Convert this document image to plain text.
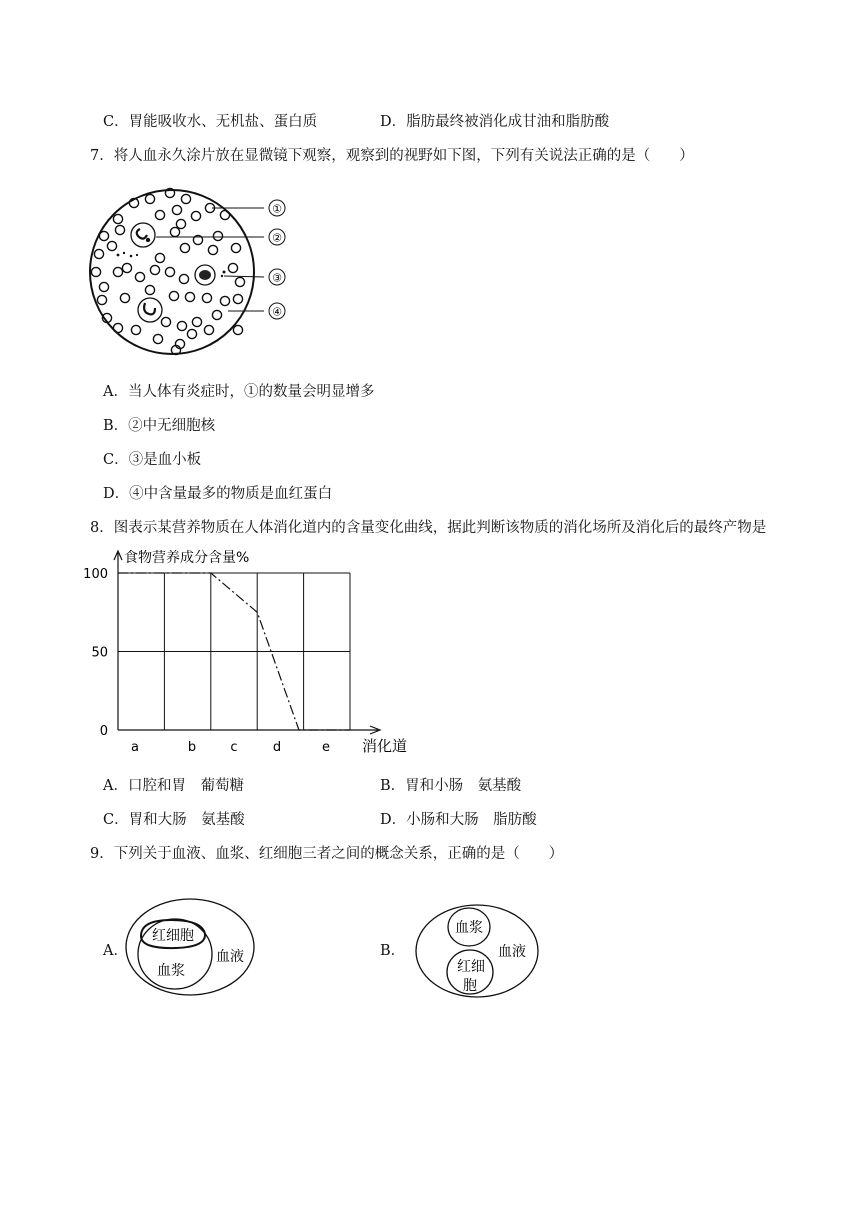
C．胃能吸收水、无机盐、蛋白质	D．脂肪最终被消化成甘油和脂肪酸
7．将人血永久涂片放在显微镜下观察，观察到的视野如下图，下列有关说法正确的是（　　）
①
②
③
④
A．当人体有炎症时，①的数量会明显增多
B．②中无细胞核
C．③是血小板
D．④中含量最多的物质是血红蛋白
8．图表示某营养物质在人体消化道内的含量变化曲线，据此判断该物质的消化场所及消化后的最终产物是
0
50
100
a	b	c	d	e
食物营养成分含量%
消化道
A．口腔和胃　葡萄糖	B．胃和小肠　氨基酸
C．胃和大肠　氨基酸	D．小肠和大肠　脂肪酸
9．下列关于血液、血浆、红细胞三者之间的概念关系，正确的是（　　）
A．	B．
红细胞
血浆
血液
血浆
红细
胞
血液
